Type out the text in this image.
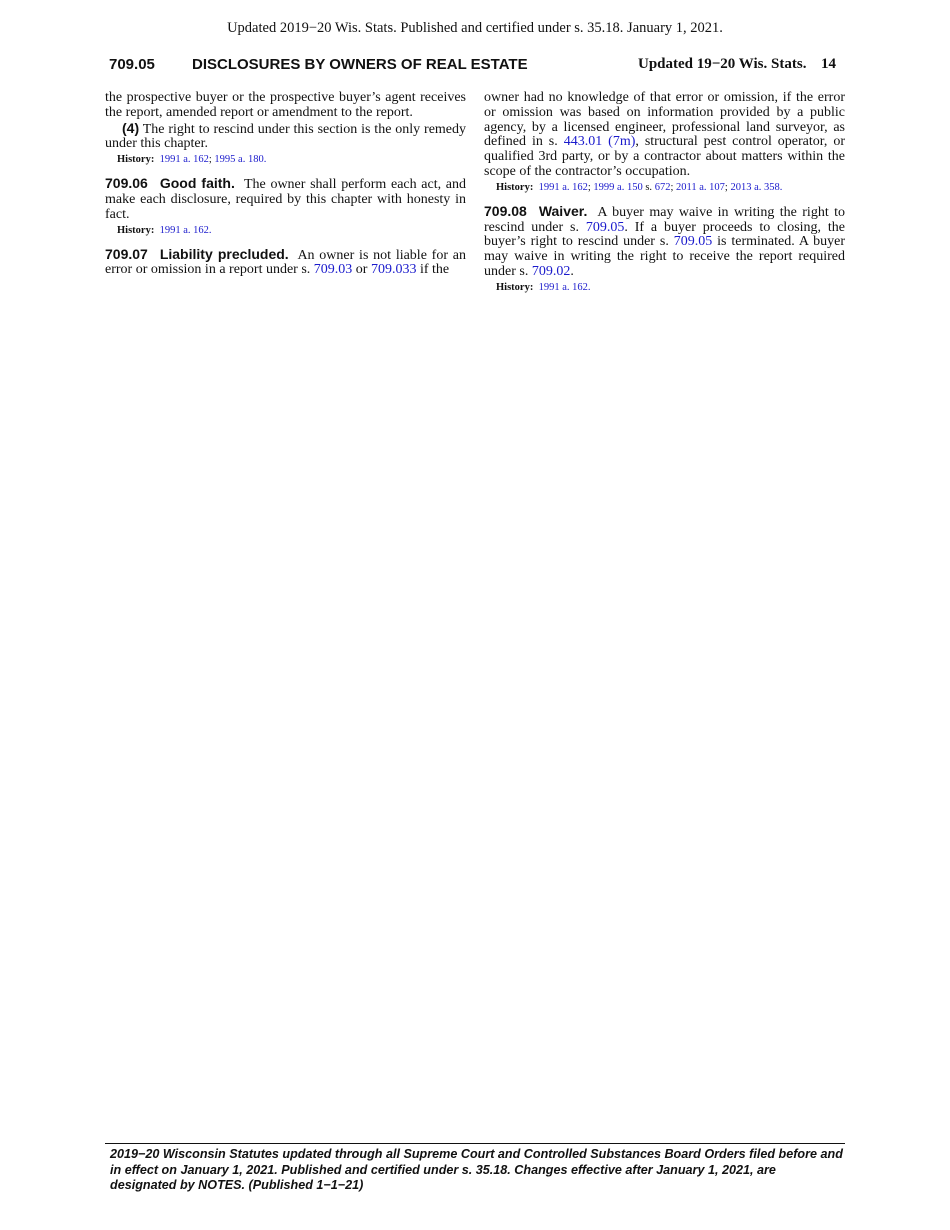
Updated 2019−20 Wis. Stats. Published and certified under s. 35.18. January 1, 2021.
709.05 DISCLOSURES BY OWNERS OF REAL ESTATE	Updated 19−20 Wis. Stats. 14

the prospective buyer or the prospective buyer’s agent receives the report, amended report or amendment to the report.

(4) The right to rescind under this section is the only remedy under this chapter.

History: 1991 a. 162; 1995 a. 180.

709.06 Good faith. The owner shall perform each act, and make each disclosure, required by this chapter with honesty in fact.

History: 1991 a. 162.

709.07 Liability precluded. An owner is not liable for an error or omission in a report under s. 709.03 or 709.033 if the

owner had no knowledge of that error or omission, if the error or omission was based on information provided by a public agency, by a licensed engineer, professional land surveyor, as defined in s. 443.01 (7m), structural pest control operator, or qualified 3rd party, or by a contractor about matters within the scope of the contractor’s occupation.

History: 1991 a. 162; 1999 a. 150 s. 672; 2011 a. 107; 2013 a. 358.

709.08 Waiver. A buyer may waive in writing the right to rescind under s. 709.05. If a buyer proceeds to closing, the buyer’s right to rescind under s. 709.05 is terminated. A buyer may waive in writing the right to receive the report required under s. 709.02.

History: 1991 a. 162.

2019−20 Wisconsin Statutes updated through all Supreme Court and Controlled Substances Board Orders filed before and in effect on January 1, 2021. Published and certified under s. 35.18. Changes effective after January 1, 2021, are designated by NOTES. (Published 1−1−21)
